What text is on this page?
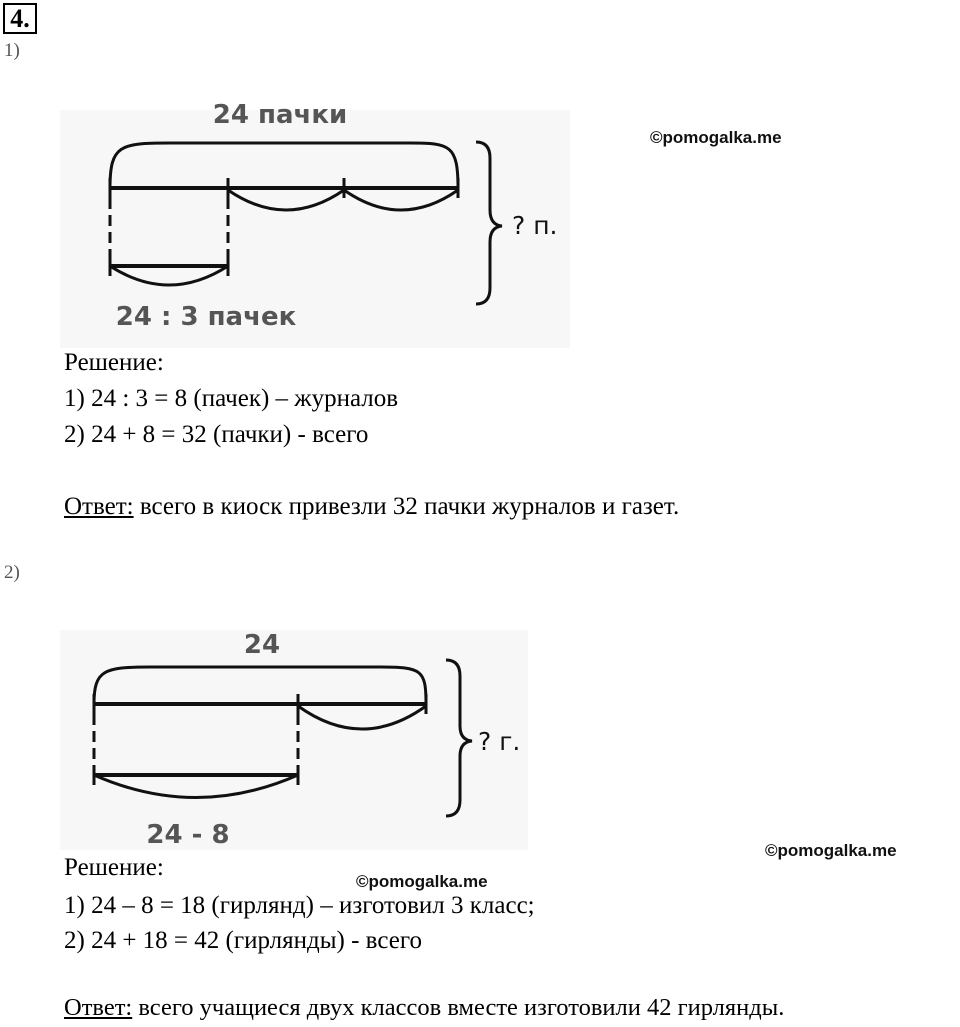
4.
1)
©pomogalka.me
24 пачки
24 : 3 пачек
? п.
Решение:
1) 24 : 3 = 8 (пачек) – журналов
2) 24 + 8 = 32 (пачки) - всего
Ответ: всего в киоск привезли 32 пачки журналов и газет.
2)
24
24 - 8
? г.
©pomogalka.me
Решение:
©pomogalka.me
1) 24 – 8 = 18 (гирлянд) – изготовил 3 класс;
2) 24 + 18 = 42 (гирлянды) - всего
Ответ: всего учащиеся двух классов вместе изготовили 42 гирлянды.
